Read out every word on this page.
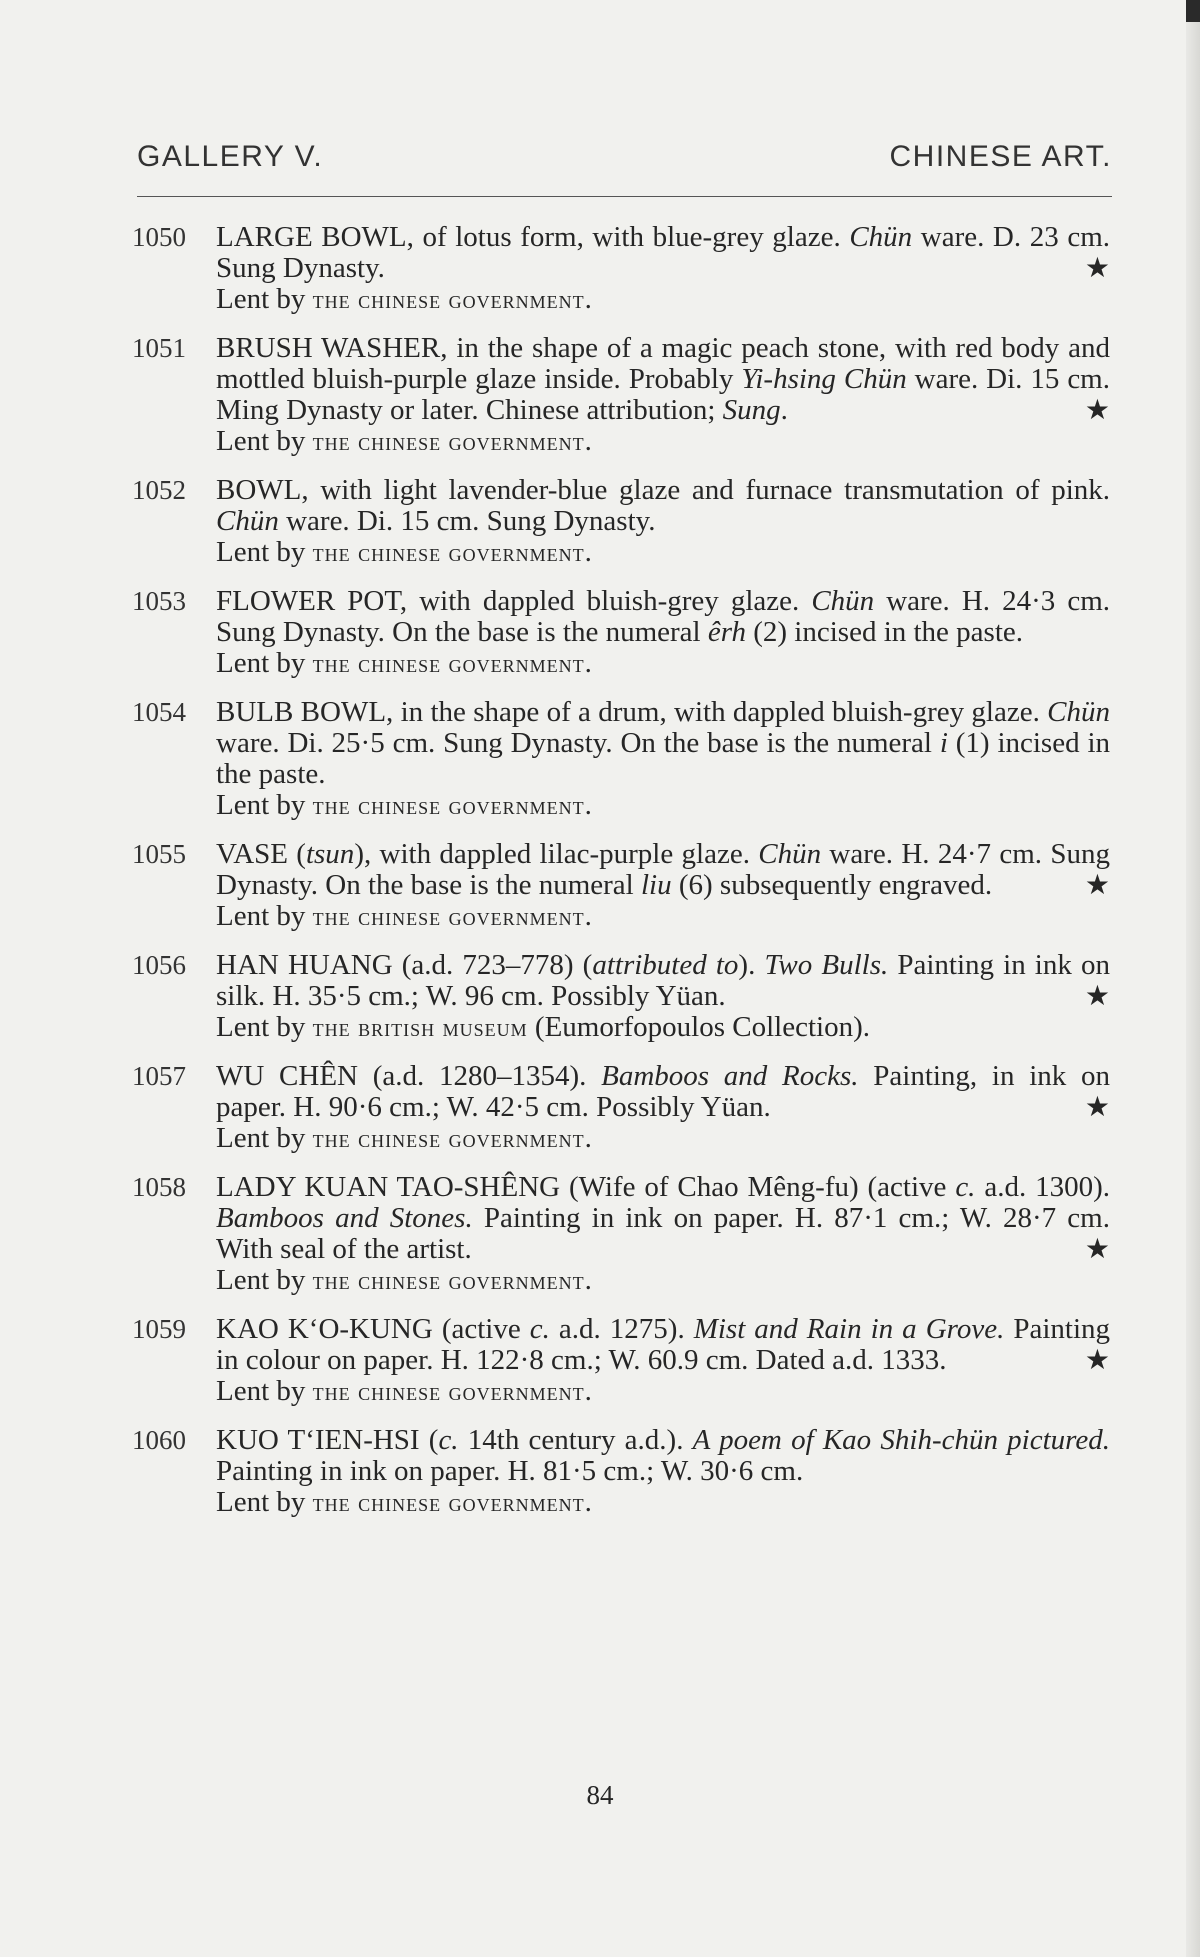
GALLERY V.	CHINESE ART.
1050	LARGE BOWL, of lotus form, with blue-grey glaze. Chün ware. D. 23 cm. Sung Dynasty.	★
Lent by the chinese government.
1051	BRUSH WASHER, in the shape of a magic peach stone, with red body and mottled bluish-purple glaze inside. Probably Yi-hsing Chün ware. Di. 15 cm. Ming Dynasty or later. Chinese attribution; Sung.	★
Lent by the chinese government.
1052	BOWL, with light lavender-blue glaze and furnace transmutation of pink. Chün ware. Di. 15 cm. Sung Dynasty.
Lent by the chinese government.
1053	FLOWER POT, with dappled bluish-grey glaze. Chün ware. H. 24·3 cm. Sung Dynasty. On the base is the numeral êrh (2) incised in the paste.
Lent by the chinese government.
1054	BULB BOWL, in the shape of a drum, with dappled bluish-grey glaze. Chün ware. Di. 25·5 cm. Sung Dynasty. On the base is the numeral i (1) incised in the paste.
Lent by the chinese government.
1055	VASE (tsun), with dappled lilac-purple glaze. Chün ware. H. 24·7 cm. Sung Dynasty. On the base is the numeral liu (6) subsequently engraved.	★
Lent by the chinese government.
1056	HAN HUANG (a.d. 723–778) (attributed to). Two Bulls. Painting in ink on silk. H. 35·5 cm.; W. 96 cm. Possibly Yüan.	★
Lent by the british museum (Eumorfopoulos Collection).
1057	WU CHÊN (a.d. 1280–1354). Bamboos and Rocks. Painting, in ink on paper. H. 90·6 cm.; W. 42·5 cm. Possibly Yüan.	★
Lent by the chinese government.
1058	LADY KUAN TAO-SHÊNG (Wife of Chao Mêng-fu) (active c. a.d. 1300). Bamboos and Stones. Painting in ink on paper. H. 87·1 cm.; W. 28·7 cm. With seal of the artist.	★
Lent by the chinese government.
1059	KAO K‘O-KUNG (active c. a.d. 1275). Mist and Rain in a Grove. Painting in colour on paper. H. 122·8 cm.; W. 60.9 cm. Dated a.d. 1333.	★
Lent by the chinese government.
1060	KUO T‘IEN-HSI (c. 14th century a.d.). A poem of Kao Shih-chün pictured. Painting in ink on paper. H. 81·5 cm.; W. 30·6 cm.
Lent by the chinese government.
84
